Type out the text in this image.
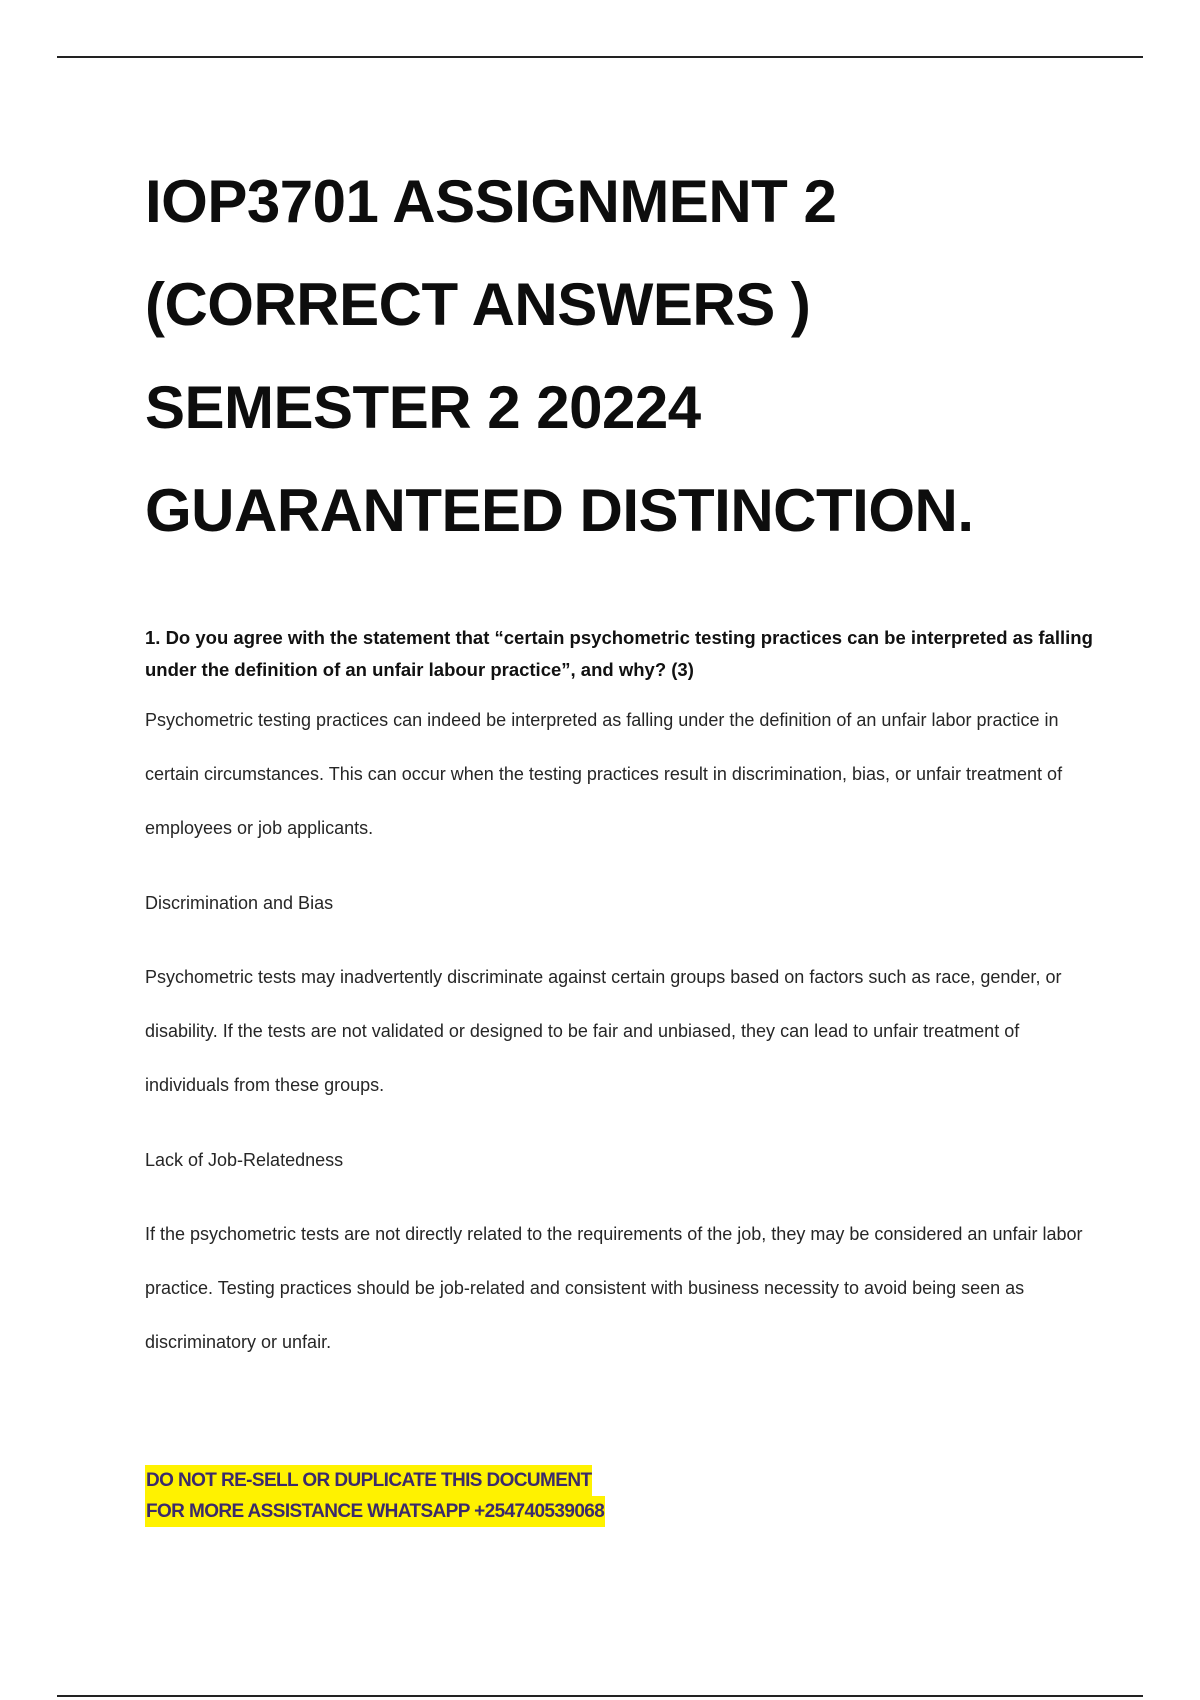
IOP3701 ASSIGNMENT 2
(CORRECT ANSWERS )
SEMESTER 2 20224
GUARANTEED DISTINCTION.

1. Do you agree with the statement that “certain psychometric testing practices can be interpreted as falling under the definition of an unfair labour practice”, and why? (3)

Psychometric testing practices can indeed be interpreted as falling under the definition of an unfair labor practice in certain circumstances. This can occur when the testing practices result in discrimination, bias, or unfair treatment of employees or job applicants.

Discrimination and Bias

Psychometric tests may inadvertently discriminate against certain groups based on factors such as race, gender, or disability. If the tests are not validated or designed to be fair and unbiased, they can lead to unfair treatment of individuals from these groups.

Lack of Job-Relatedness

If the psychometric tests are not directly related to the requirements of the job, they may be considered an unfair labor practice. Testing practices should be job-related and consistent with business necessity to avoid being seen as discriminatory or unfair.

DO NOT RE-SELL OR DUPLICATE THIS DOCUMENT
FOR MORE ASSISTANCE WHATSAPP +254740539068
